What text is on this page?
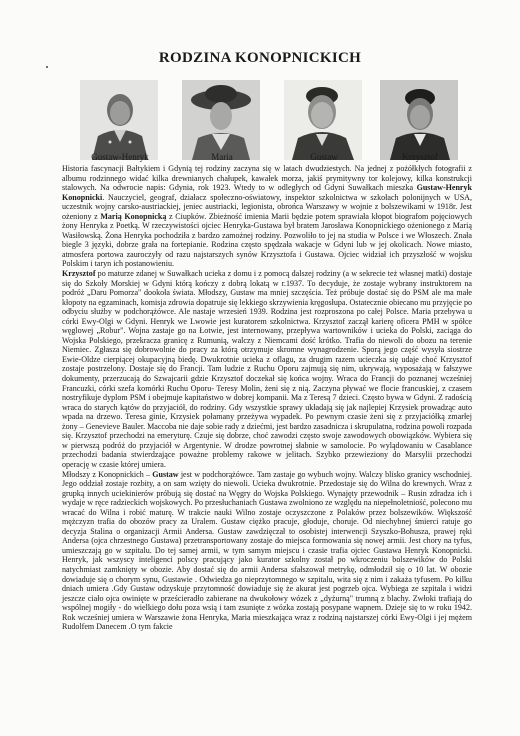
RODZINA KONOPNICKICH
Gustaw-Henryk	Maria	Gustaw	Krzysztof

Historia fascynacji Bałtykiem i Gdynią tej rodziny zaczyna się w latach dwudziestych. Na jednej z pożółkłych fotografii z albumu rodzinnego widać kilka drewnianych chałupek, kawałek morza, jakiś prymitywny tor kolejowy, kilka konstrukcji stalowych. Na odwrocie napis: Gdynia, rok 1923. Wtedy to w odległych od Gdyni Suwałkach mieszka Gustaw-Henryk Konopnicki. Nauczyciel, geograf, działacz społeczno-oświatowy, inspektor szkolnictwa w szkołach polonijnych w USA, uczestnik wojny carsko-austriackiej, jeniec austriacki, legionista, obrońca Warszawy w wojnie z bolszewikami w 1918r. Jest ożeniony z Marią Konopnicką z Ciupków. Zbieżność imienia Marii będzie potem sprawiała kłopot biografom pojęciowych żony Henryka z Poetką. W rzeczywistości ojciec Henryka-Gustawa był bratem Jarosława Konopnickiego ożenionego z Marią Wasiłowską. Żona Henryka pochodziła z bardzo zamożnej rodziny. Pozwoliło to jej na studia w Polsce i we Włoszech. Znała biegle 3 języki, dobrze grała na fortepianie. Rodzina często spędzała wakacje w Gdyni lub w jej okolicach. Nowe miasto, atmosfera portowa zauroczyły od razu najstarszych synów Krzysztofa i Gustawa. Ojciec widział ich przyszłość w wojsku Polskim i taryn ich postanowieniu.

Krzysztof po maturze zdanej w Suwałkach ucieka z domu i z pomocą dalszej rodziny (a w sekrecie też własnej matki) dostaje się do Szkoły Morskiej w Gdyni którą kończy z dobrą lokatą w r.1937. To decyduje, że zostaje wybrany instruktorem na podróż „Daru Pomorza" dookoła świata. Młodszy, Gustaw ma mniej szczęścia. Też próbuje dostać się do PSM ale ma małe kłopoty na egzaminach, komisja zdrowia dopatruje się lekkiego skrzywienia kręgosłupa. Ostatecznie obiecano mu przyjęcie po odbyciu służby w podchorążówce. Ale nastaje wrzesień 1939. Rodzina jest rozproszona po całej Polsce. Maria przebywa u córki Ewy-Olgi w Gdyni. Henryk we Lwowie jest kuratorem szkolnictwa. Krzysztof zaczął karierę oficera PMH w spółce węglowej „Robur". Wojna zastaje go na Łotwie, jest internowany, przepływa wartowników i ucieka do Polski, zaciąga do Wojska Polskiego, przekracza granicę z Rumunią, walczy z Niemcami dość krótko. Trafia do niewoli do obozu na terenie Niemiec. Zgłasza się dobrowolnie do pracy za którą otrzymuje skromne wynagrodzenie. Sporą jego część wysyła siostrze Ewie-Oldze cierpiącej okupacyjną biedę. Dwukrotnie ucieka z oflagu, za drugim razem ucieczka się udaje choć Krzysztof zostaje postrzelony. Dostaje się do Francji. Tam ludzie z Ruchu Oporu zajmują się nim, ukrywają, wyposażają w fałszywe dokumenty, przerzucają do Szwajcarii gdzie Krzysztof doczekał się końca wojny. Wraca do Francji do poznanej wcześniej Francuzki, córki szefa komórki Ruchu Oporu- Teresy Molin, żeni się z nią. Zaczyna pływać we flocie francuskiej, z czasem nostryfikuje dyplom PSM i obejmuje kapitaństwo w dobrej kompanii. Ma z Teresą 7 dzieci. Często bywa w Gdyni. Z radością wraca do starych kątów do przyjaciół, do rodziny. Gdy wszystkie sprawy układają się jak najlepiej Krzysiek prowadząc auto wpada na drzewo. Teresa ginie, Krzysiek połamany przeżywa wypadek. Po pewnym czasie żeni się z przyjaciółką zmarłej żony – Genevieve Bauler. Maccoba nie daje sobie rady z dziećmi, jest bardzo zasadnicza i skrupulatna, rodzina powoli rozpada się. Krzysztof przechodzi na emeryturę. Czuje się dobrze, choć zawodzi często swoje zawodowych obowiązków. Wybiera się w pierwszą podróż do przyjaciół w Argentynie. W drodze powrotnej słabnie w samolocie. Po wylądowaniu w Casablance przechodzi badania stwierdzające poważne problemy rakowe w jelitach. Szybko przewieziony do Marsylii przechodzi operację w czasie której umiera.

Młodszy z Konopnickich – Gustaw jest w podchorążówce. Tam zastaje go wybuch wojny. Walczy blisko granicy wschodniej. Jego oddział zostaje rozbity, a on sam wzięty do niewoli. Ucieka dwukrotnie. Przedostaje się do Wilna do krewnych. Wraz z grupką innych uciekinierów próbują się dostać na Węgry do Wojska Polskiego. Wynajęty przewodnik – Rusin zdradza ich i wydaje w ręce radzieckich wojskowych. Po przesłuchaniach Gustawa zwolniono ze względu na niepełnoletniość, polecono mu wracać do Wilna i robić maturę. W trakcie nauki Wilno zostaje oczyszczone z Polaków przez bolszewików. Większość mężczyzn trafia do obozów pracy za Uralem. Gustaw ciężko pracuje, głoduje, choruje. Od niechybnej śmierci ratuje go decyzja Stalina o organizacji Armii Andersa. Gustaw zawdzięczał to osobistej interwencji Szyszko-Bohusza, prawej ręki Andersa (ojca chrzestnego Gustawa) przetransportowany zostaje do miejsca formowania się nowej armii. Jest chory na tyfus, umieszczają go w szpitalu. Do tej samej armii, w tym samym miejscu i czasie trafia ojciec Gustawa Henryk Konopnicki. Henryk, jak wszyscy inteligenci polscy pracujący jako kurator szkolny został po wkroczeniu bolszewików do Polski natychmiast zamknięty w obozie. Aby dostać się do armii Andersa sfałszował metrykę, odmłodził się o 10 lat. W obozie dowiaduje się o chorym synu, Gustawie . Odwiedza go nieprzytomnego w szpitalu, wita się z nim i zakaża tyfusem. Po kilku dniach umiera .Gdy Gustaw odzyskuje przytomność dowiaduje się że akurat jest pogrzeb ojca. Wybiega ze szpitala i widzi jeszcze ciało ojca owinięte w prześcieradło zabierane na dwukołowy wózek z „dyżurną" trumną z blachy. Zwłoki trafiają do wspólnej mogiły - do wielkiego dołu poza wsią i tam zsunięte z wózka zostają posypane wapnem. Dzieje się to w roku 1942. Rok wcześniej umiera w Warszawie żona Henryka, Maria mieszkająca wraz z rodziną najstarszej córki Ewy-Olgi i jej mężem Rudolfem Danecem .O tym fakcie
